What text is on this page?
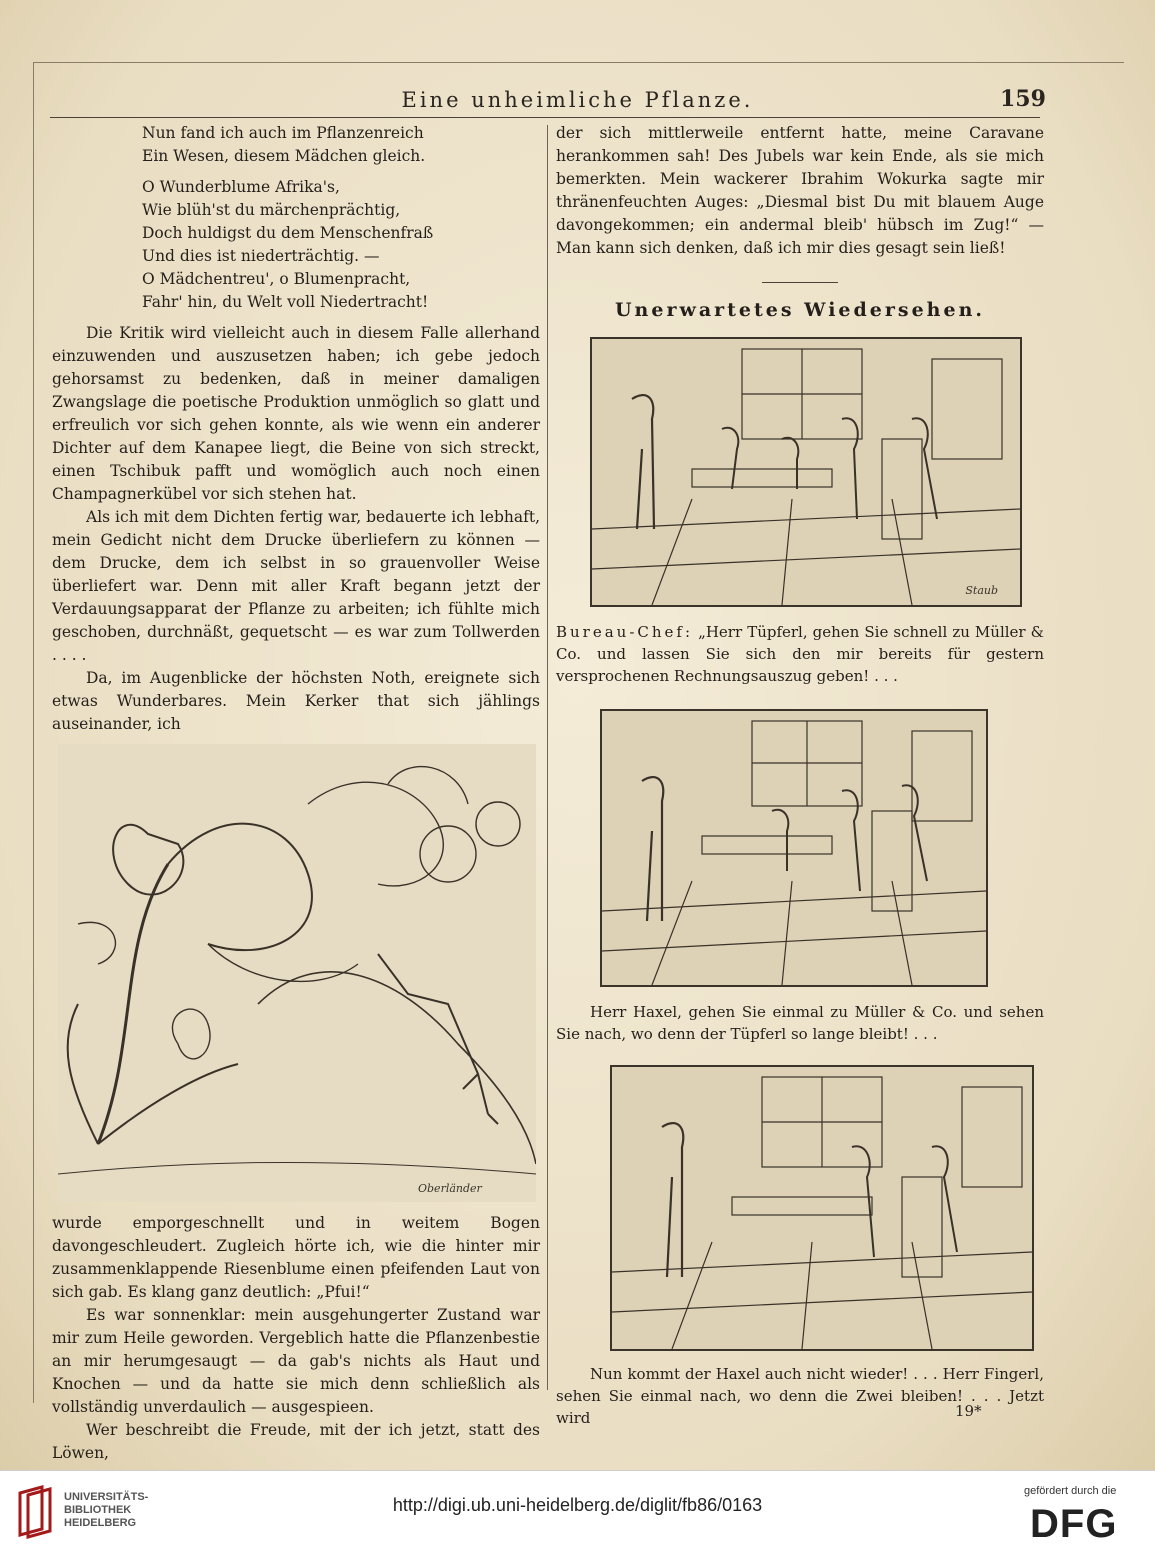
Eine unheimliche Pflanze.	159

Nun fand ich auch im Pflanzenreich

Ein Wesen, diesem Mädchen gleich.

O Wunderblume Afrika's,

Wie blüh'st du märchenprächtig,

Doch huldigst du dem Menschenfraß

Und dies ist niederträchtig. —

O Mädchentreu', o Blumenpracht,

Fahr' hin, du Welt voll Niedertracht!

Die Kritik wird vielleicht auch in diesem Falle allerhand einzuwenden und auszusetzen haben; ich gebe jedoch gehorsamst zu bedenken, daß in meiner damaligen Zwangslage die poetische Produktion unmöglich so glatt und erfreulich vor sich gehen konnte, als wie wenn ein anderer Dichter auf dem Kanapee liegt, die Beine von sich streckt, einen Tschibuk pafft und womöglich auch noch einen Champagnerkübel vor sich stehen hat.

Als ich mit dem Dichten fertig war, bedauerte ich lebhaft, mein Gedicht nicht dem Drucke überliefern zu können — dem Drucke, dem ich selbst in so grauenvoller Weise überliefert war. Denn mit aller Kraft begann jetzt der Verdauungsapparat der Pflanze zu arbeiten; ich fühlte mich geschoben, durchnäßt, gequetscht — es war zum Tollwerden . . . .

Da, im Augenblicke der höchsten Noth, ereignete sich etwas Wunderbares. Mein Kerker that sich jählings auseinander, ich

Oberländer

wurde emporgeschnellt und in weitem Bogen davongeschleudert. Zugleich hörte ich, wie die hinter mir zusammenklappende Riesenblume einen pfeifenden Laut von sich gab. Es klang ganz deutlich: „Pfui!“

Es war sonnenklar: mein ausgehungerter Zustand war mir zum Heile geworden. Vergeblich hatte die Pflanzenbestie an mir herumgesaugt — da gab's nichts als Haut und Knochen — und da hatte sie mich denn schließlich als vollständig unverdaulich — ausgespieen.

Wer beschreibt die Freude, mit der ich jetzt, statt des Löwen,

der sich mittlerweile entfernt hatte, meine Caravane herankommen sah! Des Jubels war kein Ende, als sie mich bemerkten. Mein wackerer Ibrahim Wokurka sagte mir thränenfeuchten Auges: „Diesmal bist Du mit blauem Auge davongekommen; ein andermal bleib' hübsch im Zug!“ — Man kann sich denken, daß ich mir dies gesagt sein ließ!

Unerwartetes Wiedersehen.

Staub

Bureau-Chef: „Herr Tüpferl, gehen Sie schnell zu Müller & Co. und lassen Sie sich den mir bereits für gestern versprochenen Rechnungsauszug geben! . . .

Herr Haxel, gehen Sie einmal zu Müller & Co. und sehen Sie nach, wo denn der Tüpferl so lange bleibt! . . .

Nun kommt der Haxel auch nicht wieder! . . . Herr Fingerl, sehen Sie einmal nach, wo denn die Zwei bleiben! . . . Jetzt wird	19*
UNIVERSITÄTS-
BIBLIOTHEK
HEIDELBERG
http://digi.ub.uni-heidelberg.de/diglit/fb86/0163
gefördert durch die
DFG
